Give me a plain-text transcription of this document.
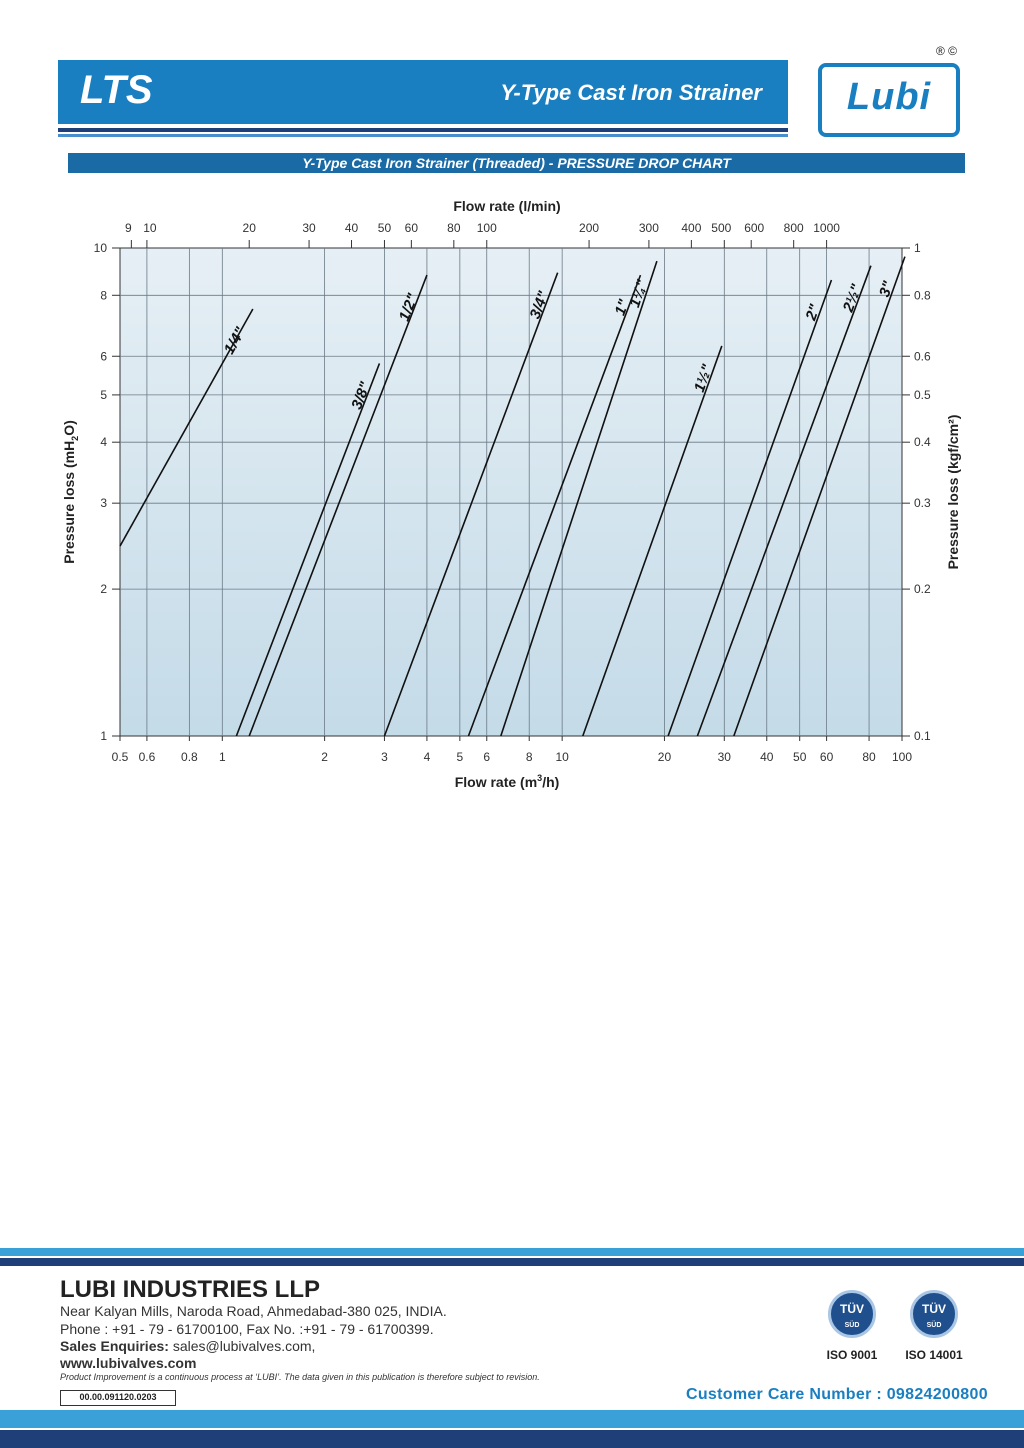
LTS	Y-Type Cast Iron Strainer
® ©
Lubi
Y-Type Cast Iron Strainer (Threaded) - PRESSURE DROP CHART
0.5 0.6 0.8 1	2	3	4 5 6	8 10	20	30 40 50 60 80 100
9 10	20	30 40 50 60 80 100	200	300 400 500 600 800 1000
1
2
3
4
5
6
8
10
0.1
0.2
0.3
0.4
0.5
0.6
0.8
1
1/4"
3/8"
1/2"	3/4"	1"
1¼"
1½"
2" 2½" 3"
Flow rate (l/min)
Flow rate $(m^3/h)$
Pressure loss $(mH_2O)$	Pressure loss (kgf/cm²)
LUBI INDUSTRIES LLP
Near Kalyan Mills, Naroda Road, Ahmedabad-380 025, INDIA.
Phone : +91 - 79 - 61700100, Fax No. :+91 - 79 - 61700399.
Sales Enquiries: sales@lubivalves.com,
www.lubivalves.com
Product Improvement is a continuous process at ‘LUBI’. The data given in this publication is therefore subject to revision.
00.00.091120.0203
TÜV
SÜD
TÜV
SÜD
ISO 9001	ISO 14001
Customer Care Number : 09824200800
